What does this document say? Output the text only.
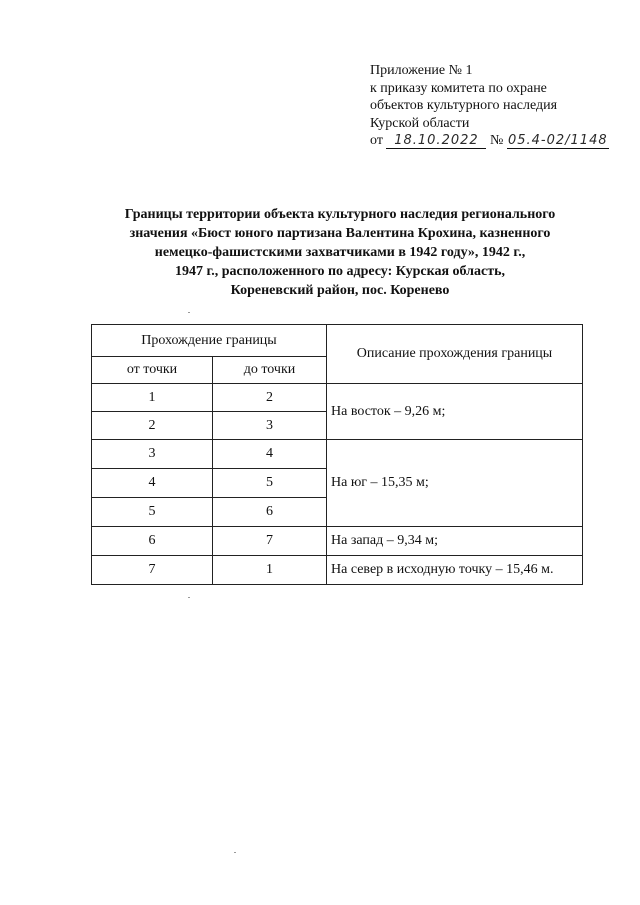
Приложение № 1
к приказу комитета по охране
объектов культурного наследия
Курской области
от 18.10.2022 № 05.4-02/1148
Границы территории объекта культурного наследия регионального
значения «Бюст юного партизана Валентина Крохина, казненного
немецко-фашистскими захватчиками в 1942 году», 1942 г.,
1947 г., расположенного по адресу: Курская область,
Кореневский район, пос. Коренево
Прохождение границы		Описание прохождения границы
от точки	до точки	
1	2	На восток – 9,26 м;
2	3	
3	4	На юг – 15,35 м;
4	5	
5	6	
6	7	На запад – 9,34 м;
7	1	На север в исходную точку – 15,46 м.
